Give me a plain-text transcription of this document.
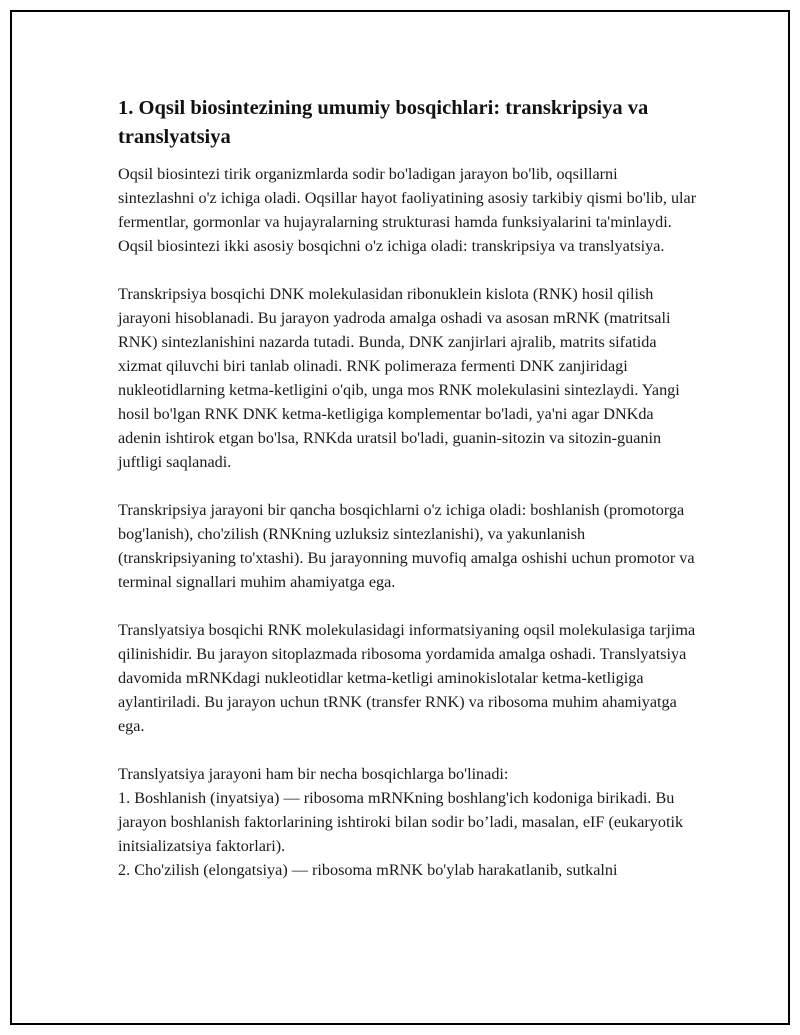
1. Oqsil biosintezining umumiy bosqichlari: transkripsiya va translyatsiya

Oqsil biosintezi tirik organizmlarda sodir bo'ladigan jarayon bo'lib, oqsillarni sintezlashni o'z ichiga oladi. Oqsillar hayot faoliyatining asosiy tarkibiy qismi bo'lib, ular fermentlar, gormonlar va hujayralarning strukturasi hamda funksiyalarini ta'minlaydi. Oqsil biosintezi ikki asosiy bosqichni o'z ichiga oladi: transkripsiya va translyatsiya.

Transkripsiya bosqichi DNK molekulasidan ribonuklein kislota (RNK) hosil qilish jarayoni hisoblanadi. Bu jarayon yadroda amalga oshadi va asosan mRNK (matritsali RNK) sintezlanishini nazarda tutadi. Bunda, DNK zanjirlari ajralib, matrits sifatida xizmat qiluvchi biri tanlab olinadi. RNK polimeraza fermenti DNK zanjiridagi nukleotidlarning ketma-ketligini o'qib, unga mos RNK molekulasini sintezlaydi. Yangi hosil bo'lgan RNK DNK ketma-ketligiga komplementar bo'ladi, ya'ni agar DNKda adenin ishtirok etgan bo'lsa, RNKda uratsil bo'ladi, guanin-sitozin va sitozin-guanin juftligi saqlanadi.

Transkripsiya jarayoni bir qancha bosqichlarni o'z ichiga oladi: boshlanish (promotorga bog'lanish), cho'zilish (RNKning uzluksiz sintezlanishi), va yakunlanish (transkripsiyaning to'xtashi). Bu jarayonning muvofiq amalga oshishi uchun promotor va terminal signallari muhim ahamiyatga ega.

Translyatsiya bosqichi RNK molekulasidagi informatsiyaning oqsil molekulasiga tarjima qilinishidir. Bu jarayon sitoplazmada ribosoma yordamida amalga oshadi. Translyatsiya davomida mRNKdagi nukleotidlar ketma-ketligi aminokislotalar ketma-ketligiga aylantiriladi. Bu jarayon uchun tRNK (transfer RNK) va ribosoma muhim ahamiyatga ega.

Translyatsiya jarayoni ham bir necha bosqichlarga bo'linadi:

1. Boshlanish (inyatsiya) — ribosoma mRNKning boshlang'ich kodoniga birikadi. Bu jarayon boshlanish faktorlarining ishtiroki bilan sodir bo’ladi, masalan, eIF (eukaryotik initsializatsiya faktorlari).

2. Cho'zilish (elongatsiya) — ribosoma mRNK bo'ylab harakatlanib, sutkalni
